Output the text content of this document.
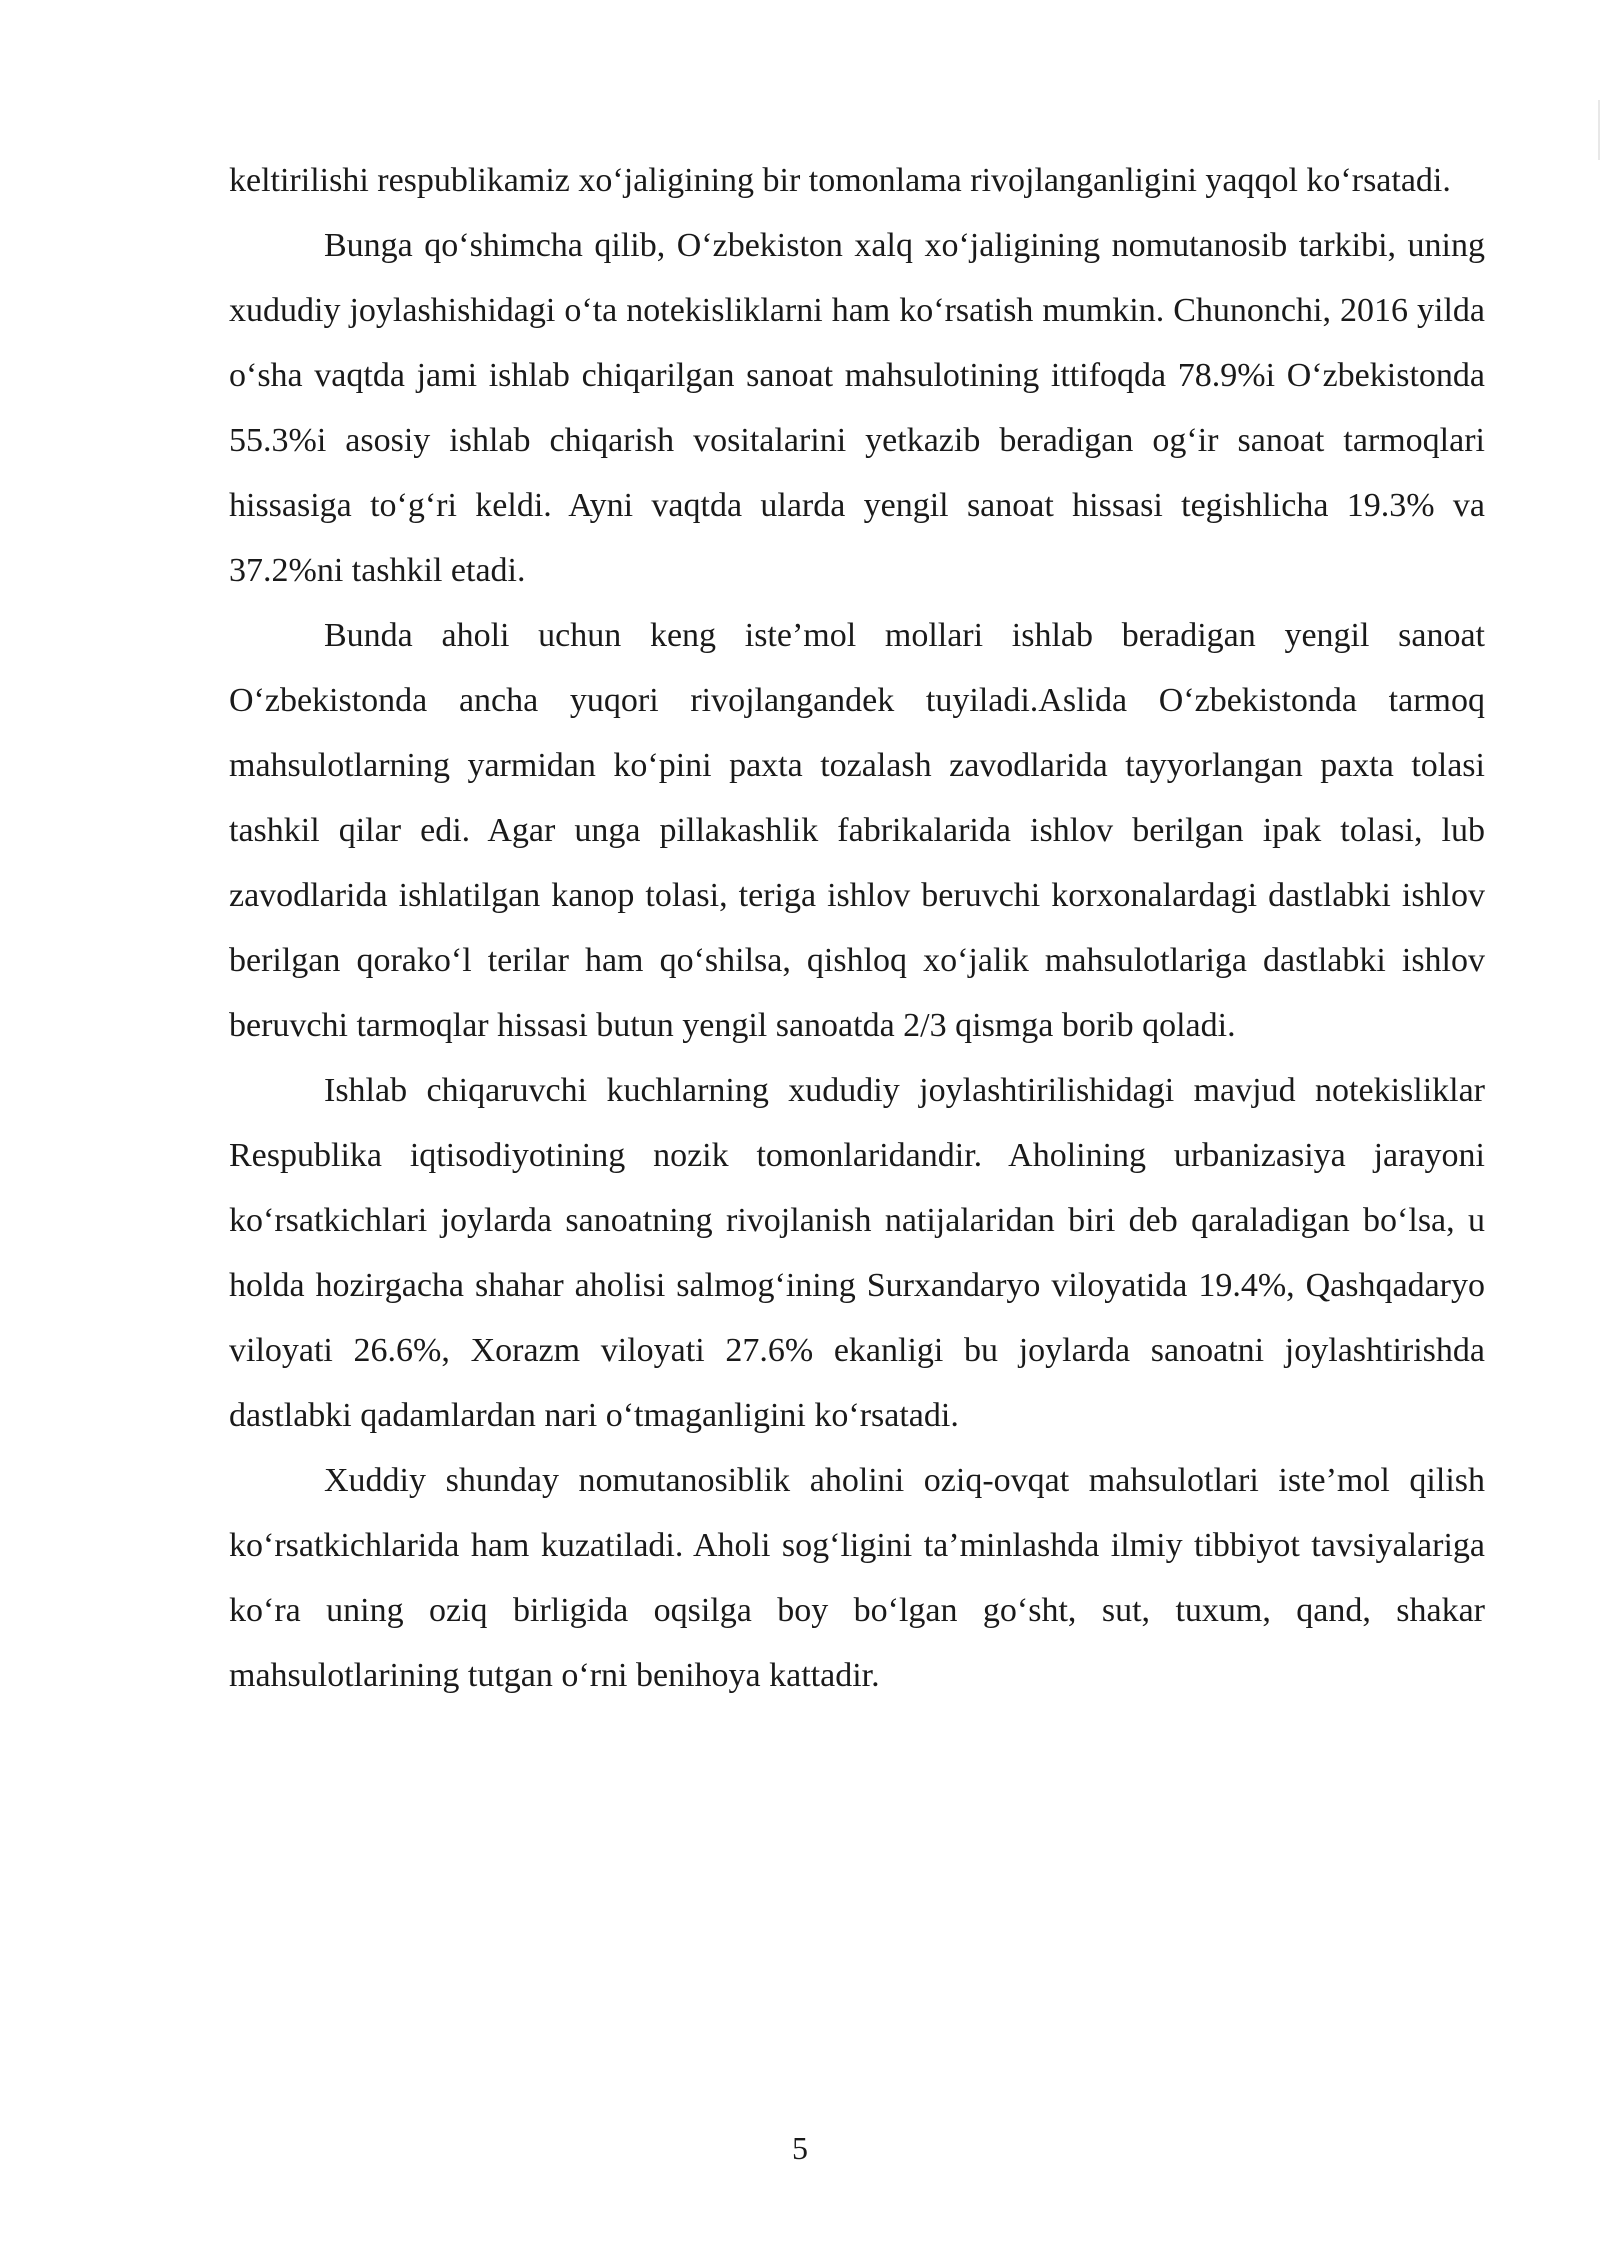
keltirilishi respublikamiz xo‘jaligining bir tomonlama rivojlanganligini yaqqol ko‘rsatadi.

Bunga qo‘shimcha qilib, O‘zbekiston xalq xo‘jaligining nomutanosib tarkibi, uning xududiy joylashishidagi o‘ta notekisliklarni ham ko‘rsatish mumkin. Chunonchi, 2016 yilda o‘sha vaqtda jami ishlab chiqarilgan sanoat mahsulotining ittifoqda 78.9%i O‘zbekistonda 55.3%i asosiy ishlab chiqarish vositalarini yetkazib beradigan og‘ir sanoat tarmoqlari hissasiga to‘g‘ri keldi. Ayni vaqtda ularda yengil sanoat hissasi tegishlicha 19.3% va 37.2%ni tashkil etadi.

Bunda aholi uchun keng iste’mol mollari ishlab beradigan yengil sanoat O‘zbekistonda ancha yuqori rivojlangandek tuyiladi.Aslida O‘zbekistonda tarmoq mahsulotlarning yarmidan ko‘pini paxta tozalash zavodlarida tayyorlangan paxta tolasi tashkil qilar edi. Agar unga pillakashlik fabrikalarida ishlov berilgan ipak tolasi, lub zavodlarida ishlatilgan kanop tolasi, teriga ishlov beruvchi korxonalardagi dastlabki ishlov berilgan qorako‘l terilar ham qo‘shilsa, qishloq xo‘jalik mahsulotlariga dastlabki ishlov beruvchi tarmoqlar hissasi butun yengil sanoatda 2/3 qismga borib qoladi.

Ishlab chiqaruvchi kuchlarning xududiy joylashtirilishidagi mavjud notekisliklar Respublika iqtisodiyotining nozik tomonlaridandir. Aholining urbanizasiya jarayoni ko‘rsatkichlari joylarda sanoatning rivojlanish natijalaridan biri deb qaraladigan bo‘lsa, u holda hozirgacha shahar aholisi salmog‘ining Surxandaryo viloyatida 19.4%, Qashqadaryo viloyati 26.6%, Xorazm viloyati 27.6% ekanligi bu joylarda sanoatni joylashtirishda dastlabki qadamlardan nari o‘tmaganligini ko‘rsatadi.

Xuddiy shunday nomutanosiblik aholini oziq-ovqat mahsulotlari iste’mol qilish ko‘rsatkichlarida ham kuzatiladi. Aholi sog‘ligini ta’minlashda ilmiy tibbiyot tavsiyalariga ko‘ra uning oziq birligida oqsilga boy bo‘lgan go‘sht, sut, tuxum, qand, shakar mahsulotlarining tutgan o‘rni benihoya kattadir.

5
